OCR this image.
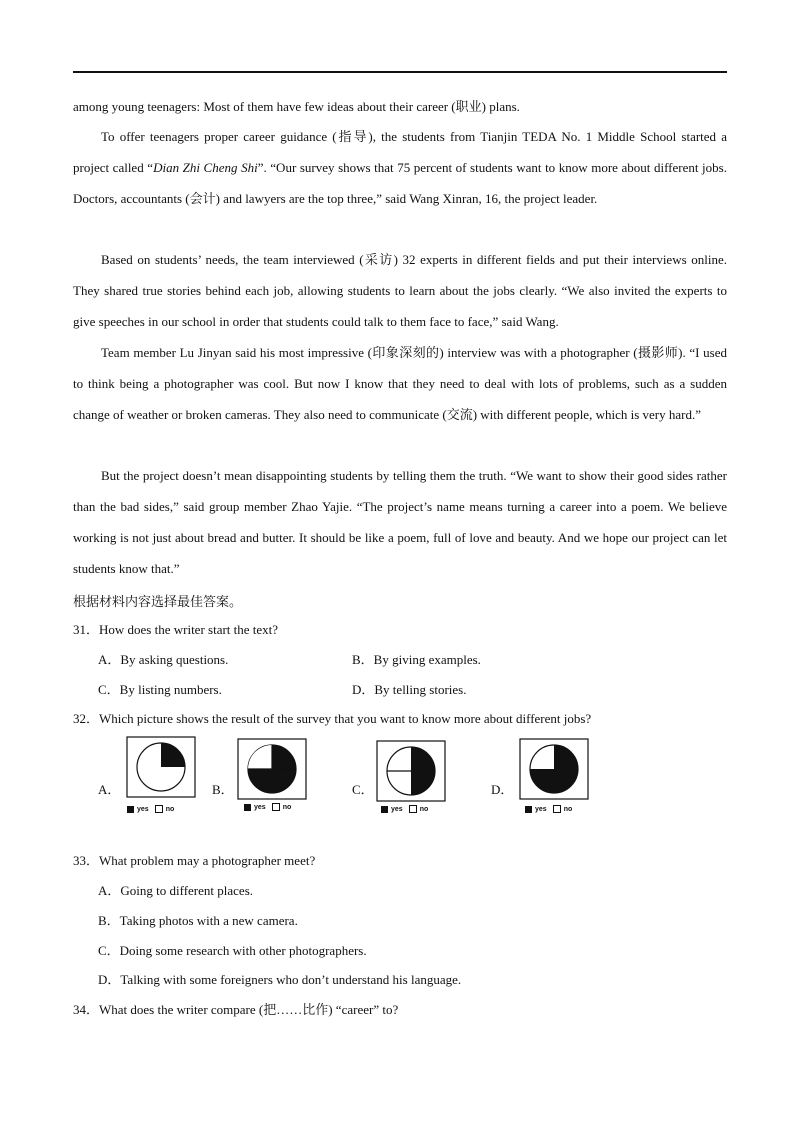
among young teenagers: Most of them have few ideas about their career (职业) plans.

To offer teenagers proper career guidance (指导), the students from Tianjin TEDA No. 1 Middle School started a project called “Dian Zhi Cheng Shi”. “Our survey shows that 75 percent of students want to know more about different jobs. Doctors, accountants (会计) and lawyers are the top three,” said Wang Xinran, 16, the project leader.

Based on students’ needs, the team interviewed (采访) 32 experts in different fields and put their interviews online. They shared true stories behind each job, allowing students to learn about the jobs clearly. “We also invited the experts to give speeches in our school in order that students could talk to them face to face,” said Wang.

Team member Lu Jinyan said his most impressive (印象深刻的) interview was with a photographer (摄影师). “I used to think being a photographer was cool. But now I know that they need to deal with lots of problems, such as a sudden change of weather or broken cameras. They also need to communicate (交流) with different people, which is very hard.”

But the project doesn’t mean disappointing students by telling them the truth. “We want to show their good sides rather than the bad sides,” said group member Zhao Yajie. “The project’s name means turning a career into a poem. We believe working is not just about bread and butter. It should be like a poem, full of love and beauty. And we hope our project can let students know that.”

根据材料内容选择最佳答案。
31．How does the writer start the text?
A．By asking questions.	B．By giving examples.
C．By listing numbers.	D．By telling stories.
32．Which picture shows the result of the survey that you want to know more about different jobs?
A．	B．	C．	D．
yes no	yes no	yes no	yes no
33．What problem may a photographer meet?
A．Going to different places.
B．Taking photos with a new camera.
C．Doing some research with other photographers.
D．Talking with some foreigners who don’t understand his language.
34．What does the writer compare (把……比作) “career” to?
